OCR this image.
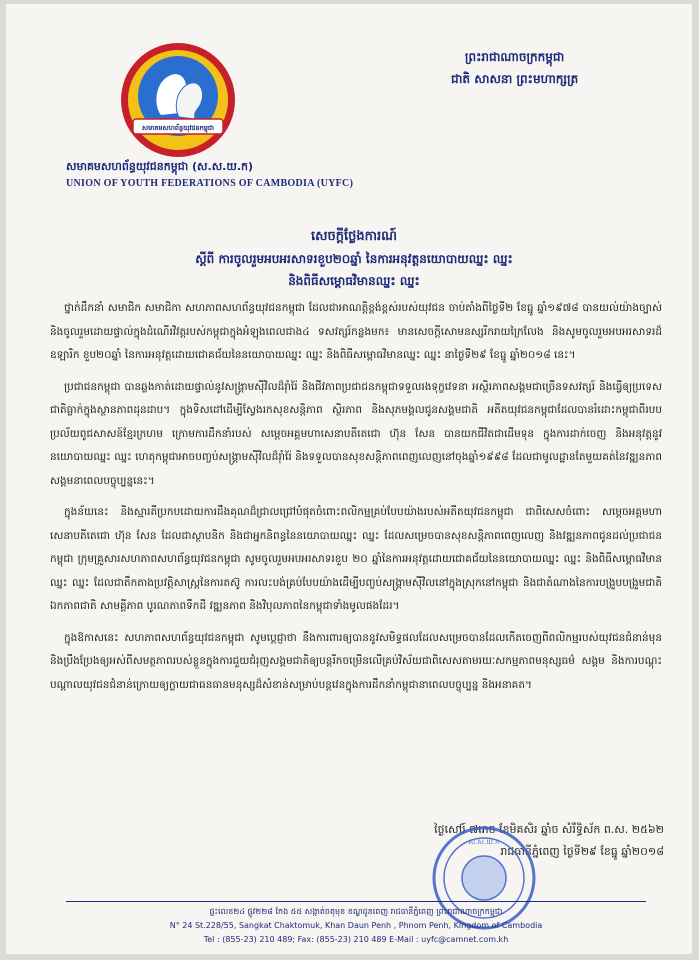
សមាគមសហព័ន្ធយុវជនកម្ពុជា
សមាគមសហព័ន្ធយុវជនកម្ពុជា (ស.ស.យ.ក)
UNION OF YOUTH FEDERATIONS OF CAMBODIA (UYFC)
ព្រះរាជាណាចក្រកម្ពុជា
ជាតិ សាសនា ព្រះមហាក្សត្រ
សេចក្តីថ្លែងការណ៍
ស្តីពី ការចូលរួមអបអរសាទរខួប២០ឆ្នាំ នៃការអនុវត្តនយោបាយឈ្នះ ឈ្នះ
និងពិធីសម្ពោធវិមានឈ្នះ ឈ្នះ

ថ្នាក់ដឹកនាំ សមាជិក សមាជិកា សហភាពសហព័ន្ធយុវជនកម្ពុជា ដែលជាអាណត្តិខ្ពង់ខ្ពស់របស់យុវជន ចាប់តាំងពីថ្ងៃទី២ ខែធ្នូ ឆ្នាំ១៩៧៨ បានយល់យ៉ាងច្បាស់ និងចូលរួមដោយផ្ទាល់ក្នុងដំណើរវិវត្តរបស់កម្ពុជាក្នុងអំឡុងពេលជាង៤ ទសវត្សរ៍កន្លងមក៖ មានសេចក្តីសោមនស្សរីករាយក្រៃលែង និងសូមចូលរួមអបអរសាទរដ៏ឧឡារិក ខួប២០ឆ្នាំ នៃការអនុវត្តដោយជោគជ័យនៃនយោបាយឈ្នះ ឈ្នះ និងពិធីសម្ពោធវិមានឈ្នះ ឈ្នះ នាថ្ងៃទី២៩ ខែធ្នូ ឆ្នាំ២០១៨ នេះ។

ប្រជាជនកម្ពុជា បានឆ្លងកាត់ដោយផ្ទាល់នូវសង្គ្រាមស៊ីវិលដ៏រ៉ាំរ៉ៃ និងជីវភាពប្រជាជនកម្ពុជាទទួលរងទុក្ខវេទនា អស្ថិរភាពសង្គមជាច្រើនទសវត្សរ៍ និងធ្វើឲ្យប្រទេសជាតិធ្លាក់ក្នុងស្ថានភាពដុនដាប។ ក្នុងទិសដៅដើម្បីស្វែងរកសុខសន្តិភាព ស្ថិរភាព និងសុភមង្គលជូនសង្គមជាតិ អតីតយុវជនកម្ពុជាដែលបានរំដោះកម្ពុជាពីរបបប្រល័យពូជសាសន៍ខ្មែរក្រហម ក្រោមការដឹកនាំរបស់ សម្តេចអគ្គមហាសេនាបតីតេជោ ហ៊ុន សែន បានយកជីវិតជាដើមទុន ក្នុងការដាក់ចេញ និងអនុវត្តនូវនយោបាយឈ្នះ ឈ្នះ ហេតុកម្ពុជាអាចបញ្ចប់សង្គ្រាមស៊ីវិលដ៏រ៉ាំរ៉ៃ និងទទួលបានសុខសន្តិភាពពេញលេញនៅចុងឆ្នាំ១៩៩៨ ដែលជាមូលដ្ឋានតែមួយគត់នៃវឌ្ឍនភាពសង្គមនាពេលបច្ចុប្បន្ននេះ។

ក្នុងន័យនេះ និងស្មារតីប្រកបដោយការដឹងគុណដ៏ជ្រាលជ្រៅបំផុតចំពោះពលិកម្មគ្រប់បែបយ៉ាងរបស់អតីតយុវជនកម្ពុជា ជាពិសេសចំពោះ សម្តេចអគ្គមហាសេនាបតីតេជោ ហ៊ុន សែន ដែលជាស្ថាបនិក និងជាអ្នកនិពន្ធនៃនយោបាយឈ្នះ ឈ្នះ ដែលសម្រេចបានសុខសន្តិភាពពេញលេញ និងវឌ្ឍនភាពជូនដល់ប្រជាជនកម្ពុជា ក្រុមគ្រួសារសហភាពសហព័ន្ធយុវជនកម្ពុជា សូមចូលរួមអបអរសាទរខួប ២០ ឆ្នាំនៃការអនុវត្តដោយជោគជ័យនៃនយោបាយឈ្នះ ឈ្នះ និងពិធីសម្ពោធវិមានឈ្នះ ឈ្នះ ដែលជាតឹកតាងប្រវត្តិសាស្ត្រនៃការតស៊ូ ការលះបង់គ្រប់បែបយ៉ាងដើម្បីបញ្ចប់សង្គ្រាមស៊ីវិលនៅក្នុងស្រុកនៅកម្ពុជា និងជាតំណាងនៃការបង្រួបបង្រួមជាតិ ឯកភាពជាតិ សាមគ្គីភាព បូរណភាពទឹកដី វឌ្ឍនភាព និងវិបុលភាពនៃកម្ពុជាទាំងមូលផងដែរ។

ក្នុងឱកាសនេះ សហភាពសហព័ន្ធយុវជនកម្ពុជា សូមប្តេជ្ញាថា នឹងការពារឲ្យបាននូវសមិទ្ធផលដែលសម្រេចបានដែលកើតចេញពីពលិកម្មរបស់យុវជនជំនាន់មុន និងប្រឹងប្រែងឲ្យអស់ពីសមត្ថភាពរបស់ខ្លួនក្នុងការជួយជំរុញសង្គមជាតិឲ្យបន្តរីកចម្រើនលើគ្រប់វិស័យជាពិសេសតាមរយៈសកម្មភាពមនុស្សធម៌ សង្គម និងការបណ្តុះបណ្តាលយុវជនជំនាន់ក្រោយឲ្យក្លាយជាធនធានមនុស្សដ៏សំខាន់សម្រាប់បន្តវេនក្នុងការដឹកនាំកម្ពុជានាពេលបច្ចុប្បន្ន និងអនាគត។

ថ្ងៃសៅរ៍ ៧រោច ខែមិគសិរ ឆ្នាំច សំរឹទ្ធិស័ក ព.ស. ២៥៦២
រាជធានីភ្នំពេញ ថ្ងៃទី២៩ ខែធ្នូ ឆ្នាំ២០១៨
ស.ស.យ.ក
ផ្ទះលេខ២៤ ផ្លូវ២២៨ កែង ៥៥ សង្កាត់ចតុមុខ ខណ្ឌដូនពេញ រាជធានីភ្នំពេញ ព្រះរាជាណាចក្រកម្ពុជា
N° 24 St.228/55, Sangkat Chaktomuk, Khan Daun Penh , Phnom Penh, Kingdom of Cambodia
Tel : (855-23) 210 489; Fax: (855-23) 210 489 E-Mail : uyfc@camnet.com.kh
